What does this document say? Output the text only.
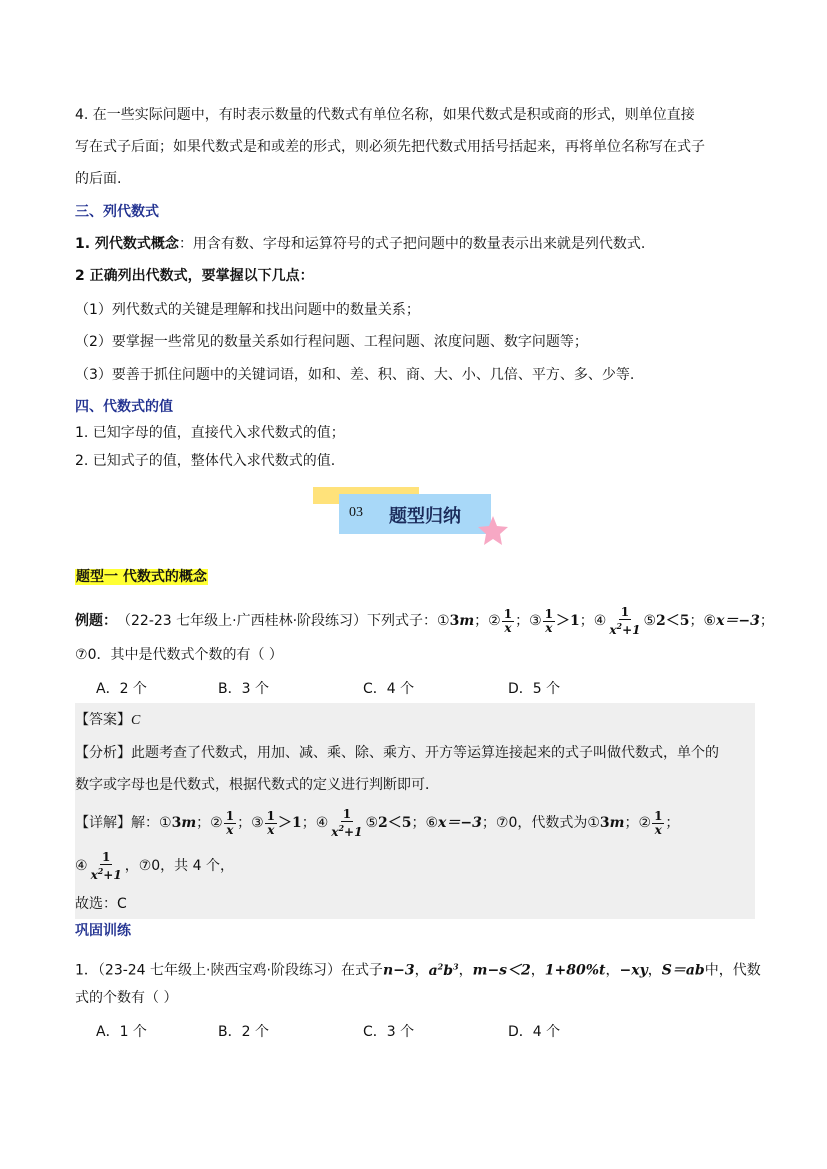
4. 在一些实际问题中，有时表示数量的代数式有单位名称，如果代数式是积或商的形式，则单位直接
写在式子后面；如果代数式是和或差的形式，则必须先把代数式用括号括起来，再将单位名称写在式子
的后面.
三、列代数式
1. 列代数式概念：用含有数、字母和运算符号的式子把问题中的数量表示出来就是列代数式.
2 正确列出代数式，要掌握以下几点：
（1）列代数式的关键是理解和找出问题中的数量关系；
（2）要掌握一些常见的数量关系如行程问题、工程问题、浓度问题、数字问题等；
（3）要善于抓住问题中的关键词语，如和、差、积、商、大、小、几倍、平方、多、少等.
四、代数式的值
1. 已知字母的值，直接代入求代数式的值；
2. 已知式子的值，整体代入求代数式的值.
03 题型归纳
题型一 代数式的概念
例题： （22-23 七年级上·广西桂林·阶段练习）下列式子： ① 3 m ； ② $\frac{1}{x}$ ； ③ $\frac{1}{x} >1$ ； ④ $\frac{1}{x^2+1}$ ⑤ 2＜5 ； ⑥ x＝−3 ；
⑦0．其中是代数式个数的有（ ）
A．2 个	B．3 个	C．4 个	D．5 个
【答案】C
【分析】此题考查了代数式，用加、减、乘、除、乘方、开方等运算连接起来的式子叫做代数式，单个的
数字或字母也是代数式，根据代数式的定义进行判断即可．
【详解】 解： ① 3 m ； ② $\frac{1}{x}$ ； ③ $\frac{1}{x} >1$ ； ④ $\frac{1}{x^2+1}$ ⑤ 2＜5 ； ⑥ x＝−3 ； ⑦ 0，代数式为 ① 3 m ； ② $\frac{1}{x}$ ；
④ $\frac{1}{x^2+1}$ ， ⑦ 0，共 4 个，
故选：C
巩固训练
1．（23-24 七年级上·陕西宝鸡·阶段练习）在式子n−3，$a^2b^3$，m−s＜2，1+80%t，−xy，S＝ab中，代数
式的个数有（ ）
A．1 个	B．2 个	C．3 个	D．4 个
